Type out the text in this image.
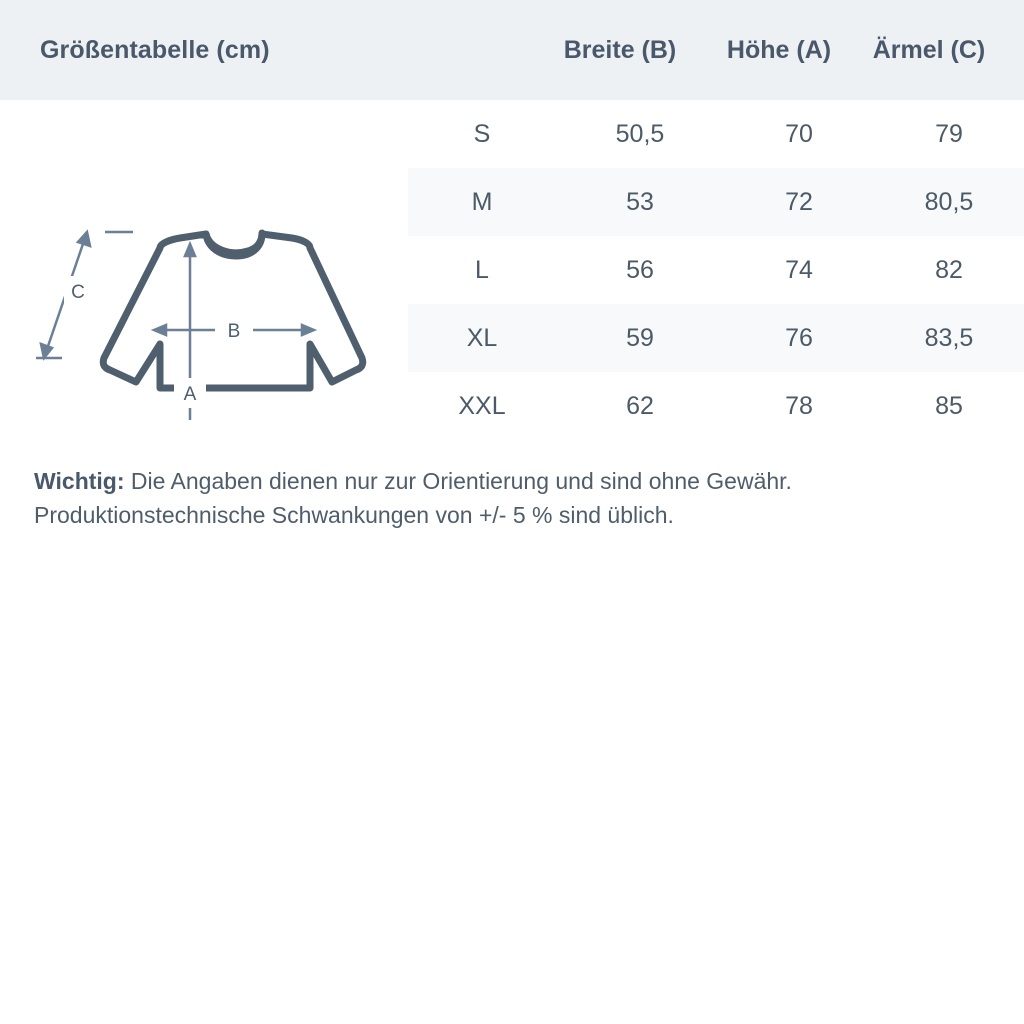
Größentabelle (cm)	Breite (B)	Höhe (A)	Ärmel (C)
B
A
C
S	50,5	70	79
M	53	72	80,5
L	56	74	82
XL	59	76	83,5
XXL	62	78	85
Wichtig: Die Angaben dienen nur zur Orientierung und sind ohne Gewähr.
Produktionstechnische Schwankungen von +/- 5 % sind üblich.
